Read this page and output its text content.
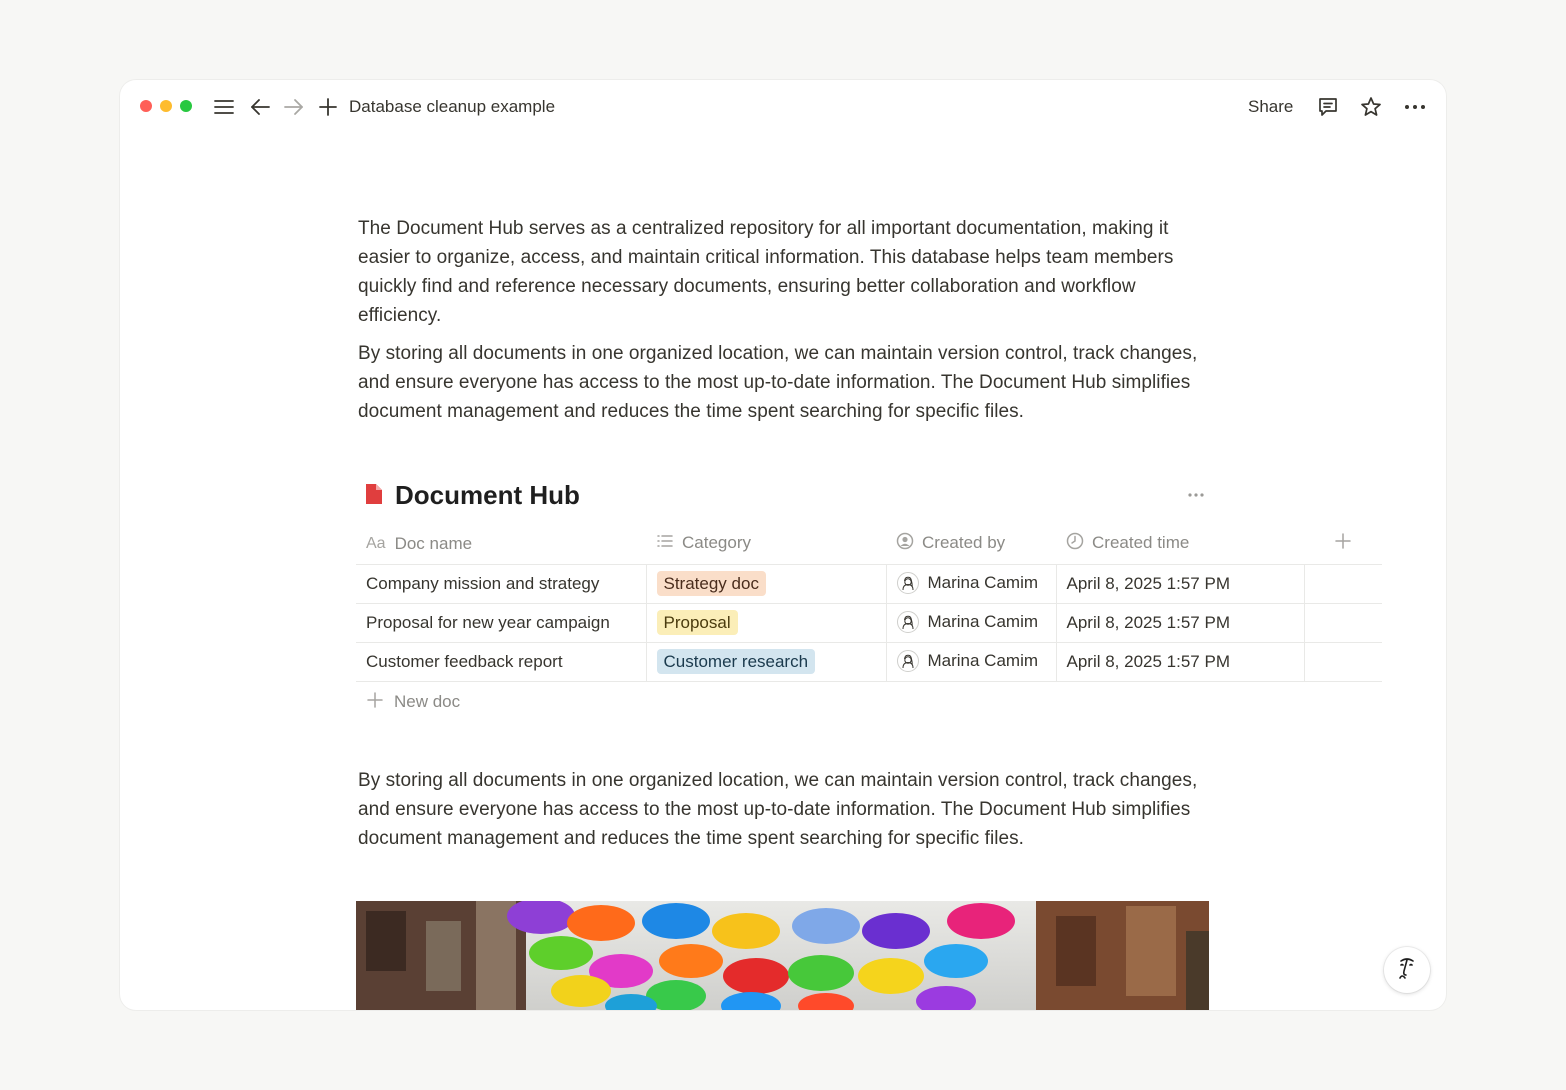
Database cleanup example	Share

The Document Hub serves as a centralized repository for all important documentation, making it easier to organize, access, and maintain critical information. This database helps team members quickly find and reference necessary documents, ensuring better collaboration and workflow efficiency.

By storing all documents in one organized location, we can maintain version control, track changes, and ensure everyone has access to the most up-to-date information. The Document Hub simplifies document management and reduces the time spent searching for specific files.

Document Hub
Aa Doc name	Category	Created by	Created time	
Company mission and strategy	Strategy doc	Marina Camim	April 8, 2025 1:57 PM	
Proposal for new year campaign	Proposal	Marina Camim	April 8, 2025 1:57 PM	
Customer feedback report	Customer research	Marina Camim	April 8, 2025 1:57 PM	
New doc

By storing all documents in one organized location, we can maintain version control, track changes, and ensure everyone has access to the most up-to-date information. The Document Hub simplifies document management and reduces the time spent searching for specific files.
